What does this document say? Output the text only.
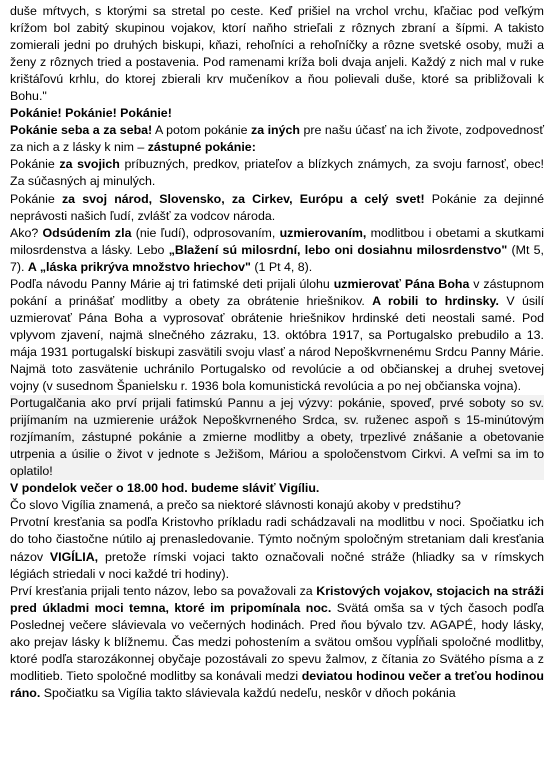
duše mŕtvych, s ktorými sa stretal po ceste. Keď prišiel na vrchol vrchu, kľačiac pod veľkým krížom bol zabitý skupinou vojakov, ktorí naňho strieľali z rôznych zbraní a šípmi. A takisto zomierali jedni po druhých biskupi, kňazi, rehoľníci a rehoľníčky a rôzne svetské osoby, muži a ženy z rôznych tried a postavenia. Pod ramenami kríža boli dvaja anjeli. Každý z nich mal v ruke krištáľovú krhlu, do ktorej zbierali krv mučeníkov a ňou polievali duše, ktoré sa približovali k Bohu."

Pokánie! Pokánie! Pokánie!

Pokánie seba a za seba! A potom pokánie za iných pre našu účasť na ich živote, zodpovednosť za nich a z lásky k nim – zástupné pokánie:

Pokánie za svojich príbuzných, predkov, priateľov a blízkych známych, za svoju farnosť, obec! Za súčasných aj minulých.

Pokánie za svoj národ, Slovensko, za Cirkev, Európu a celý svet! Pokánie za dejinné neprávosti našich ľudí, zvlášť za vodcov národa.

Ako? Odsúdením zla (nie ľudí), odprosovaním, uzmierovaním, modlitbou i obetami a skutkami milosrdenstva a lásky. Lebo „Blažení sú milosrdní, lebo oni dosiahnu milosrdenstvo" (Mt 5, 7). A „láska prikrýva množstvo hriechov" (1 Pt 4, 8).

Podľa návodu Panny Márie aj tri fatimské deti prijali úlohu uzmierovať Pána Boha v zástupnom pokání a prinášať modlitby a obety za obrátenie hriešnikov. A robili to hrdinsky. V úsilí uzmierovať Pána Boha a vyprosovať obrátenie hriešnikov hrdinské deti neostali samé. Pod vplyvom zjavení, najmä slnečného zázraku, 13. októbra 1917, sa Portugalsko prebudilo a 13. mája 1931 portugalskí biskupi zasvätili svoju vlasť a národ Nepoškvrnenému Srdcu Panny Márie. Najmä toto zasvätenie uchránilo Portugalsko od revolúcie a od občianskej a druhej svetovej vojny (v susednom Španielsku r. 1936 bola komunistická revolúcia a po nej občianska vojna).

Portugalčania ako prví prijali fatimskú Pannu a jej výzvy: pokánie, spoveď, prvé soboty so sv. prijímaním na uzmierenie urážok Nepoškvrneného Srdca, sv. ruženec aspoň s 15-minútovým rozjímaním, zástupné pokánie a zmierne modlitby a obety, trpezlivé znášanie a obetovanie utrpenia a úsilie o život v jednote s Ježišom, Máriou a spoločenstvom Cirkvi. A veľmi sa im to oplatilo!

V pondelok večer o 18.00 hod. budeme sláviť Vigíliu.

Čo slovo Vigília znamená, a prečo sa niektoré slávnosti konajú akoby v predstihu?

Prvotní kresťania sa podľa Kristovho príkladu radi schádzavali na modlitbu v noci. Spočiatku ich do toho čiastočne nútilo aj prenasledovanie. Týmto nočným spoločným stretaniam dali kresťania názov VIGÍLIA, pretože rímski vojaci takto označovali nočné stráže (hliadky sa v rímskych légiách striedali v noci každé tri hodiny).

Prví kresťania prijali tento názov, lebo sa považovali za Kristových vojakov, stojacich na stráži pred úkladmi moci temna, ktoré im pripomínala noc. Svätá omša sa v tých časoch podľa Poslednej večere slávievala vo večerných hodinách. Pred ňou bývalo tzv. AGAPÉ, hody lásky, ako prejav lásky k blížnemu. Čas medzi pohostením a svätou omšou vypĺňali spoločné modlitby, ktoré podľa starozákonnej obyčaje pozostávali zo spevu žalmov, z čítania zo Svätého písma a z modlitieb. Tieto spoločné modlitby sa konávali medzi deviatou hodinou večer a treťou hodinou ráno. Spočiatku sa Vigília takto slávievala každú nedeľu, neskôr v dňoch pokánia
